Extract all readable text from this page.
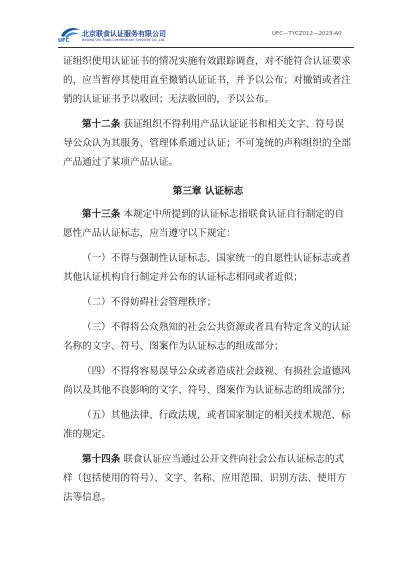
UFC
北京联食认证服务有限公司
Beijing Uni-Food Certification Services Co.,Ltd.
UFC—TYCZ012—2023-A0

证组织使用认证证书的情况实施有效跟踪调查，对不能符合认证要求的，应当暂停其使用直至撤销认证证书，并予以公布；对撤销或者注销的认证证书予以收回；无法收回的，予以公布。

第十二条 获证组织不得利用产品认证证书和相关文字、符号误导公众认为其服务、管理体系通过认证；不可笼统的声称组织的全部产品通过了某项产品认证。

第三章 认证标志

第十三条 本规定中所提到的认证标志指联食认证自行制定的自愿性产品认证标志，应当遵守以下规定：

（一）不得与强制性认证标志、国家统一的自愿性认证标志或者其他认证机构自行制定并公布的认证标志相同或者近似；

（二）不得妨碍社会管理秩序；

（三）不得将公众熟知的社会公共资源或者具有特定含义的认证名称的文字、符号、图案作为认证标志的组成部分；

（四）不得将容易误导公众或者造成社会歧视、有损社会道德风尚以及其他不良影响的文字、符号、图案作为认证标志的组成部分；

（五）其他法律、行政法规，或者国家制定的相关技术规范、标准的规定。

第十四条 联食认证应当通过公开文件向社会公布认证标志的式样（包括使用的符号）、文字、名称、应用范围、识别方法、使用方法等信息。
